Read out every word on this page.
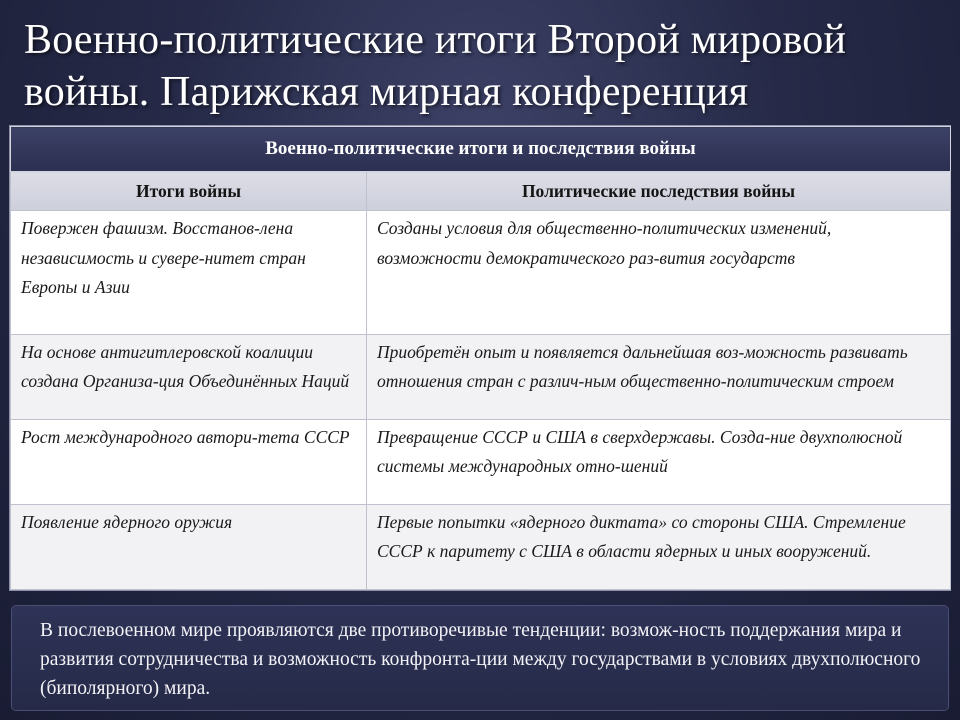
Военно-политические итоги Второй мировой
войны. Парижская мирная конференция
Военно-политические итоги и последствия войны	
Итоги войны	Политические последствия войны
Повержен фашизм. Восстанов-лена независимость и сувере-нитет стран Европы и Азии	Созданы условия для общественно-политических изменений, возможности демократического раз-вития государств
На основе антигитлеровской коалиции создана Организа-ция Объединённых Наций	Приобретён опыт и появляется дальнейшая воз-можность развивать отношения стран с различ-ным общественно-политическим строем
Рост международного автори-тета СССР	Превращение СССР и США в сверхдержавы. Созда-ние двухполюсной системы международных отно-шений
Появление ядерного оружия	Первые попытки «ядерного диктата» со стороны США. Стремление СССР к паритету с США в области ядерных и иных вооружений.

В послевоенном мире проявляются две противоречивые тенденции: возмож-ность поддержания мира и развития сотрудничества и возможность конфронта-ции между государствами в условиях двухполюсного (биполярного) мира.
